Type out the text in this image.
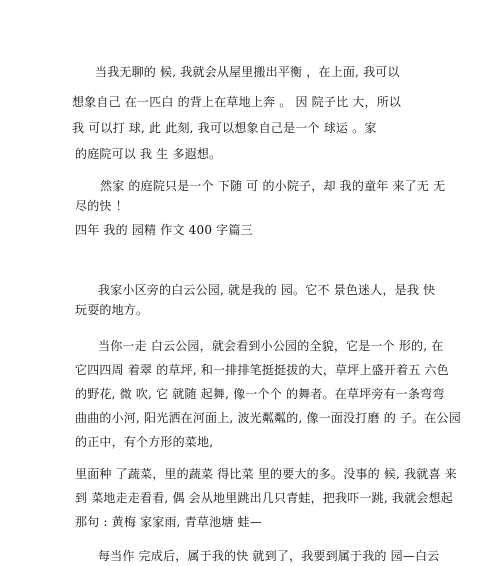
当我无聊的 候, 我就会从屋里搬出平衡 ，在上面, 我可以
想象自己 在一匹白 的背上在草地上奔 。 因 院子比 大，所以
我 可以打 球, 此 此刻, 我可以想象自己是一个 球运 。家
的庭院可以 我 生 多遐想。
然家 的庭院只是一个 下随 可 的小院子，却 我的童年 来了无 无
尽的快 ！
四年 我的 园精 作文 400 字篇三
我家小区旁的白云公园, 就是我的 园。它不 景色迷人，是我 快
玩耍的地方。
当你一走 白云公园，就会看到小公园的全貌，它是一个 形的, 在
它四四周 着翠 的草坪, 和一排排笔挺挺拔的大，草坪上盛开着五 六色
的野花, 微 吹, 它 就随 起舞, 像一个个 的舞者。在草坪旁有一条弯弯
曲曲的小河, 阳光洒在河面上, 波光粼粼的, 像一面没打磨 的 子。在公园
的正中，有个方形的菜地,
里面种 了蔬菜，里的蔬菜 得比菜 里的要大的多。没事的 候, 我就喜 来
到 菜地走走看看, 偶 会从地里跳出几只青蛙，把我吓一跳, 我就会想起
那句 : 黄梅 家家雨, 青草池塘 蛙—
每当作 完成后，属于我的快 就到了，我要到属于我的 园—白云
